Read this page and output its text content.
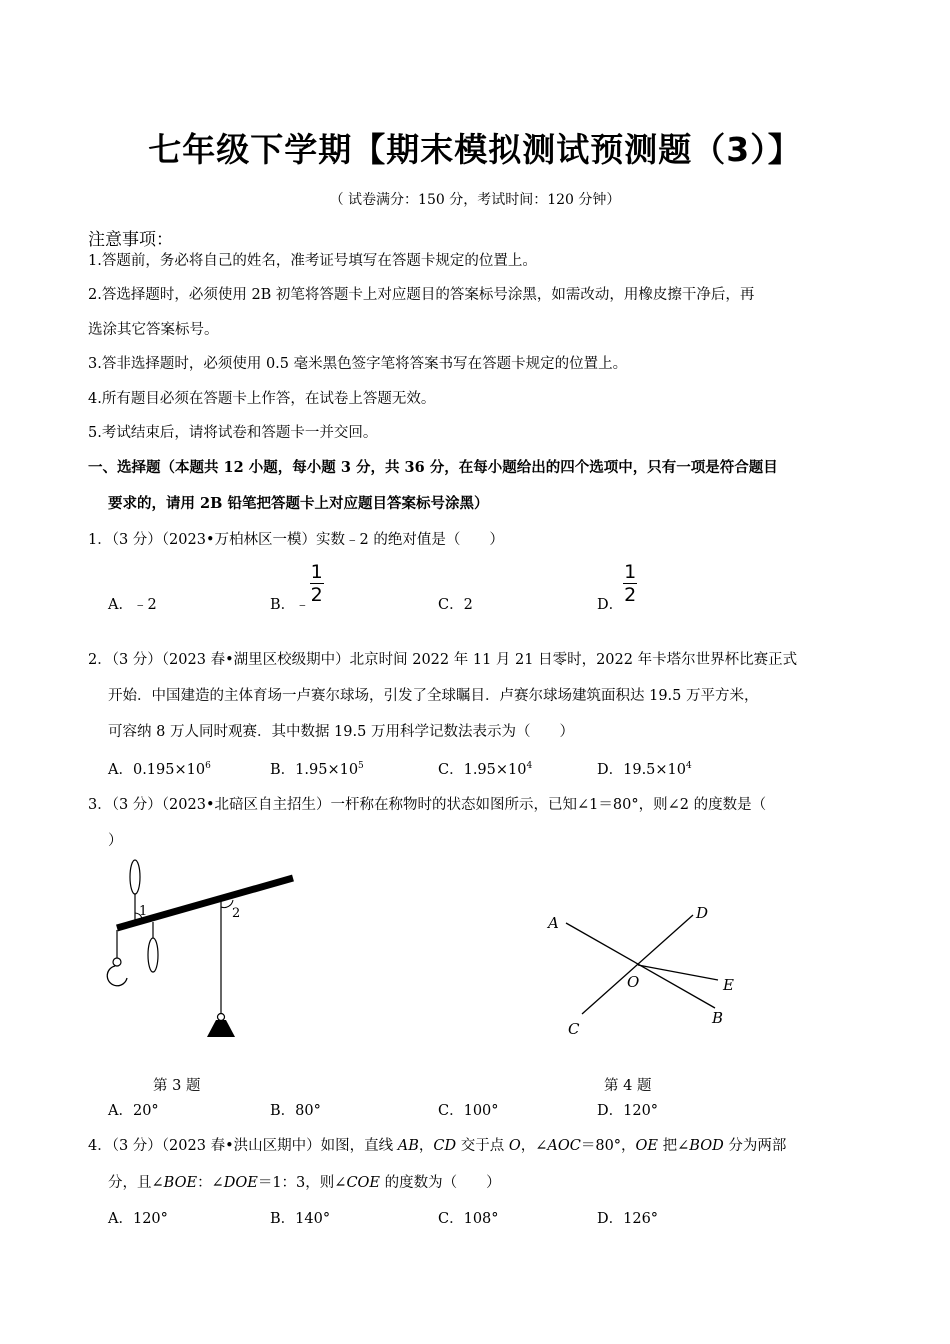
七年级下学期【期末模拟测试预测题（3）】
（ 试卷满分：150 分，考试时间：120 分钟）
注意事项：
1.答题前，务必将自己的姓名，准考证号填写在答题卡规定的位置上。
2.答选择题时，必须使用 2B 初笔将答题卡上对应题目的答案标号涂黑，如需改动，用橡皮擦干净后，再
选涂其它答案标号。
3.答非选择题时，必须使用 0.5 毫米黑色签字笔将答案书写在答题卡规定的位置上。
4.所有题目必须在答题卡上作答，在试卷上答题无效。
5.考试结束后，请将试卷和答题卡一并交回。
一、选择题（本题共 12 小题，每小题 3 分，共 36 分，在每小题给出的四个选项中，只有一项是符合题目
要求的，请用 2B 铅笔把答题卡上对应题目答案标号涂黑）
1．（3 分）（2023•万柏林区一模）实数﹣2 的绝对值是（　　）
A．﹣2	B．﹣ $\frac{1}{2}$	C．2	D． $\frac{1}{2}$
2．（3 分）（2023 春•湖里区校级期中）北京时间 2022 年 11 月 21 日零时，2022 年卡塔尔世界杯比赛正式
开始．中国建造的主体育场一卢赛尔球场，引发了全球瞩目．卢赛尔球场建筑面积达 19.5 万平方米，
可容纳 8 万人同时观赛．其中数据 19.5 万用科学记数法表示为（　　）
A．$0.195\times 10^6$	B．$1.95\times 10^5$	C．$1.95\times 10^4$	D．$19.5\times 10^4$
3．（3 分）（2023•北碚区自主招生）一杆称在称物时的状态如图所示，已知∠1＝80°，则∠2 的度数是（
）
1	2
A
D
O	E
B
C
第 3 题	第 4 题
A．20°	B．80°	C．100°	D．120°
4．（3 分）（2023 春•洪山区期中）如图，直线 AB，CD 交于点 O，∠AOC＝80°，OE 把∠BOD 分为两部
分，且∠BOE：∠DOE＝1：3，则∠COE 的度数为（　　）
A．120°	B．140°	C．108°	D．126°
